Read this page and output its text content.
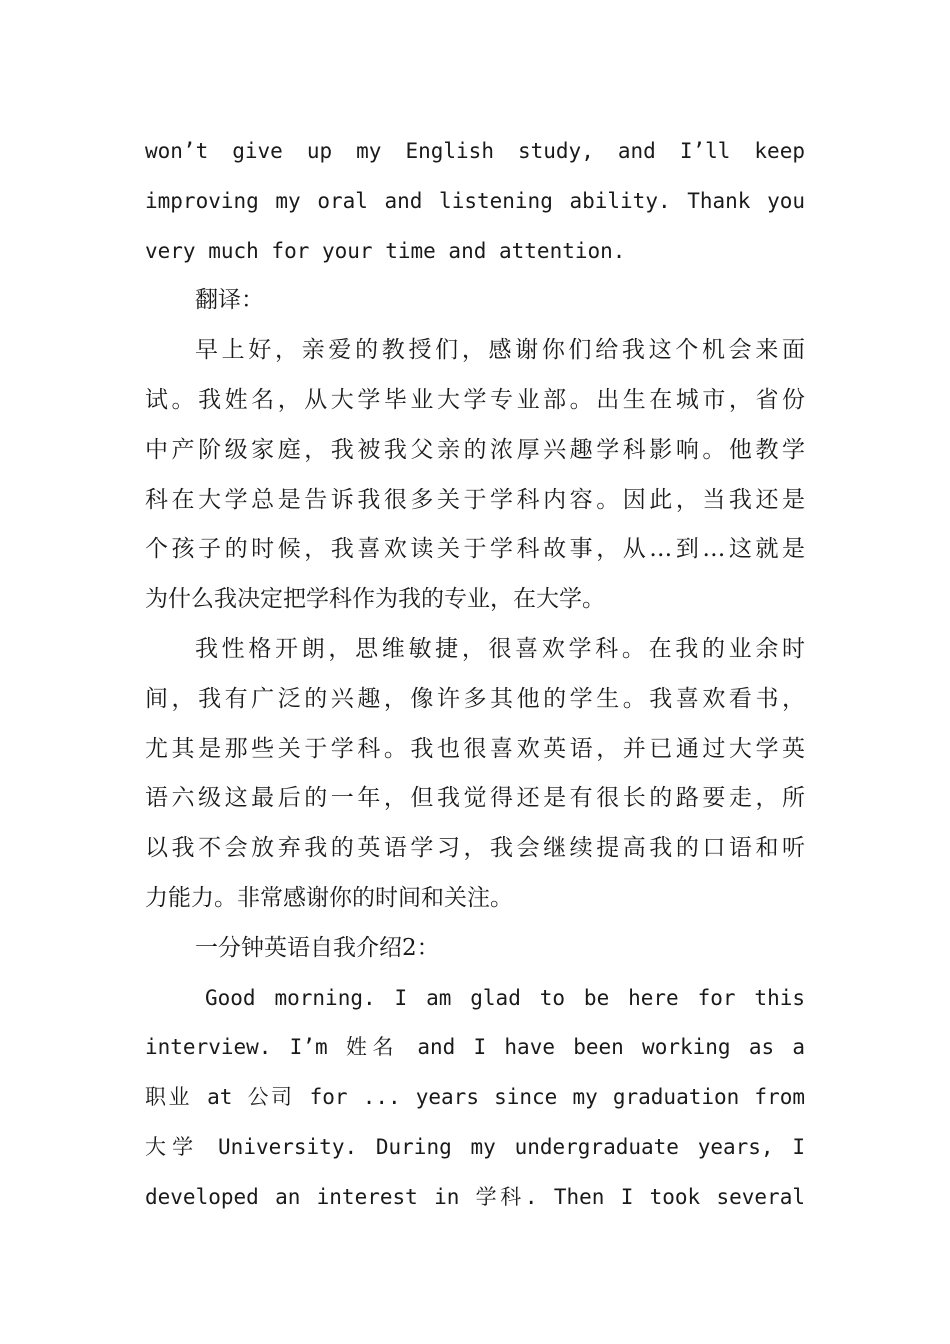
won’t give up my English study, and I’ll keep
improving my oral and listening ability. Thank you
very much for your time and attention.
翻译：
早上好，亲爱的教授们，感谢你们给我这个机会来面
试。我姓名，从大学毕业大学专业部。出生在城市，省份
中产阶级家庭，我被我父亲的浓厚兴趣学科影响。他教学
科在大学总是告诉我很多关于学科内容。因此，当我还是
个孩子的时候，我喜欢读关于学科故事，从…到…这就是
为什么我决定把学科作为我的专业，在大学。
我性格开朗，思维敏捷，很喜欢学科。在我的业余时
间，我有广泛的兴趣，像许多其他的学生。我喜欢看书，
尤其是那些关于学科。我也很喜欢英语，并已通过大学英
语六级这最后的一年，但我觉得还是有很长的路要走，所
以我不会放弃我的英语学习，我会继续提高我的口语和听
力能力。非常感谢你的时间和关注。
一分钟英语自我介绍2：
Good morning. I am glad to be here for this
interview. I’m 姓名 and I have been working as a
职业 at 公司 for ... years since my graduation from
大学 University. During my undergraduate years, I
developed an interest in 学科. Then I took several
